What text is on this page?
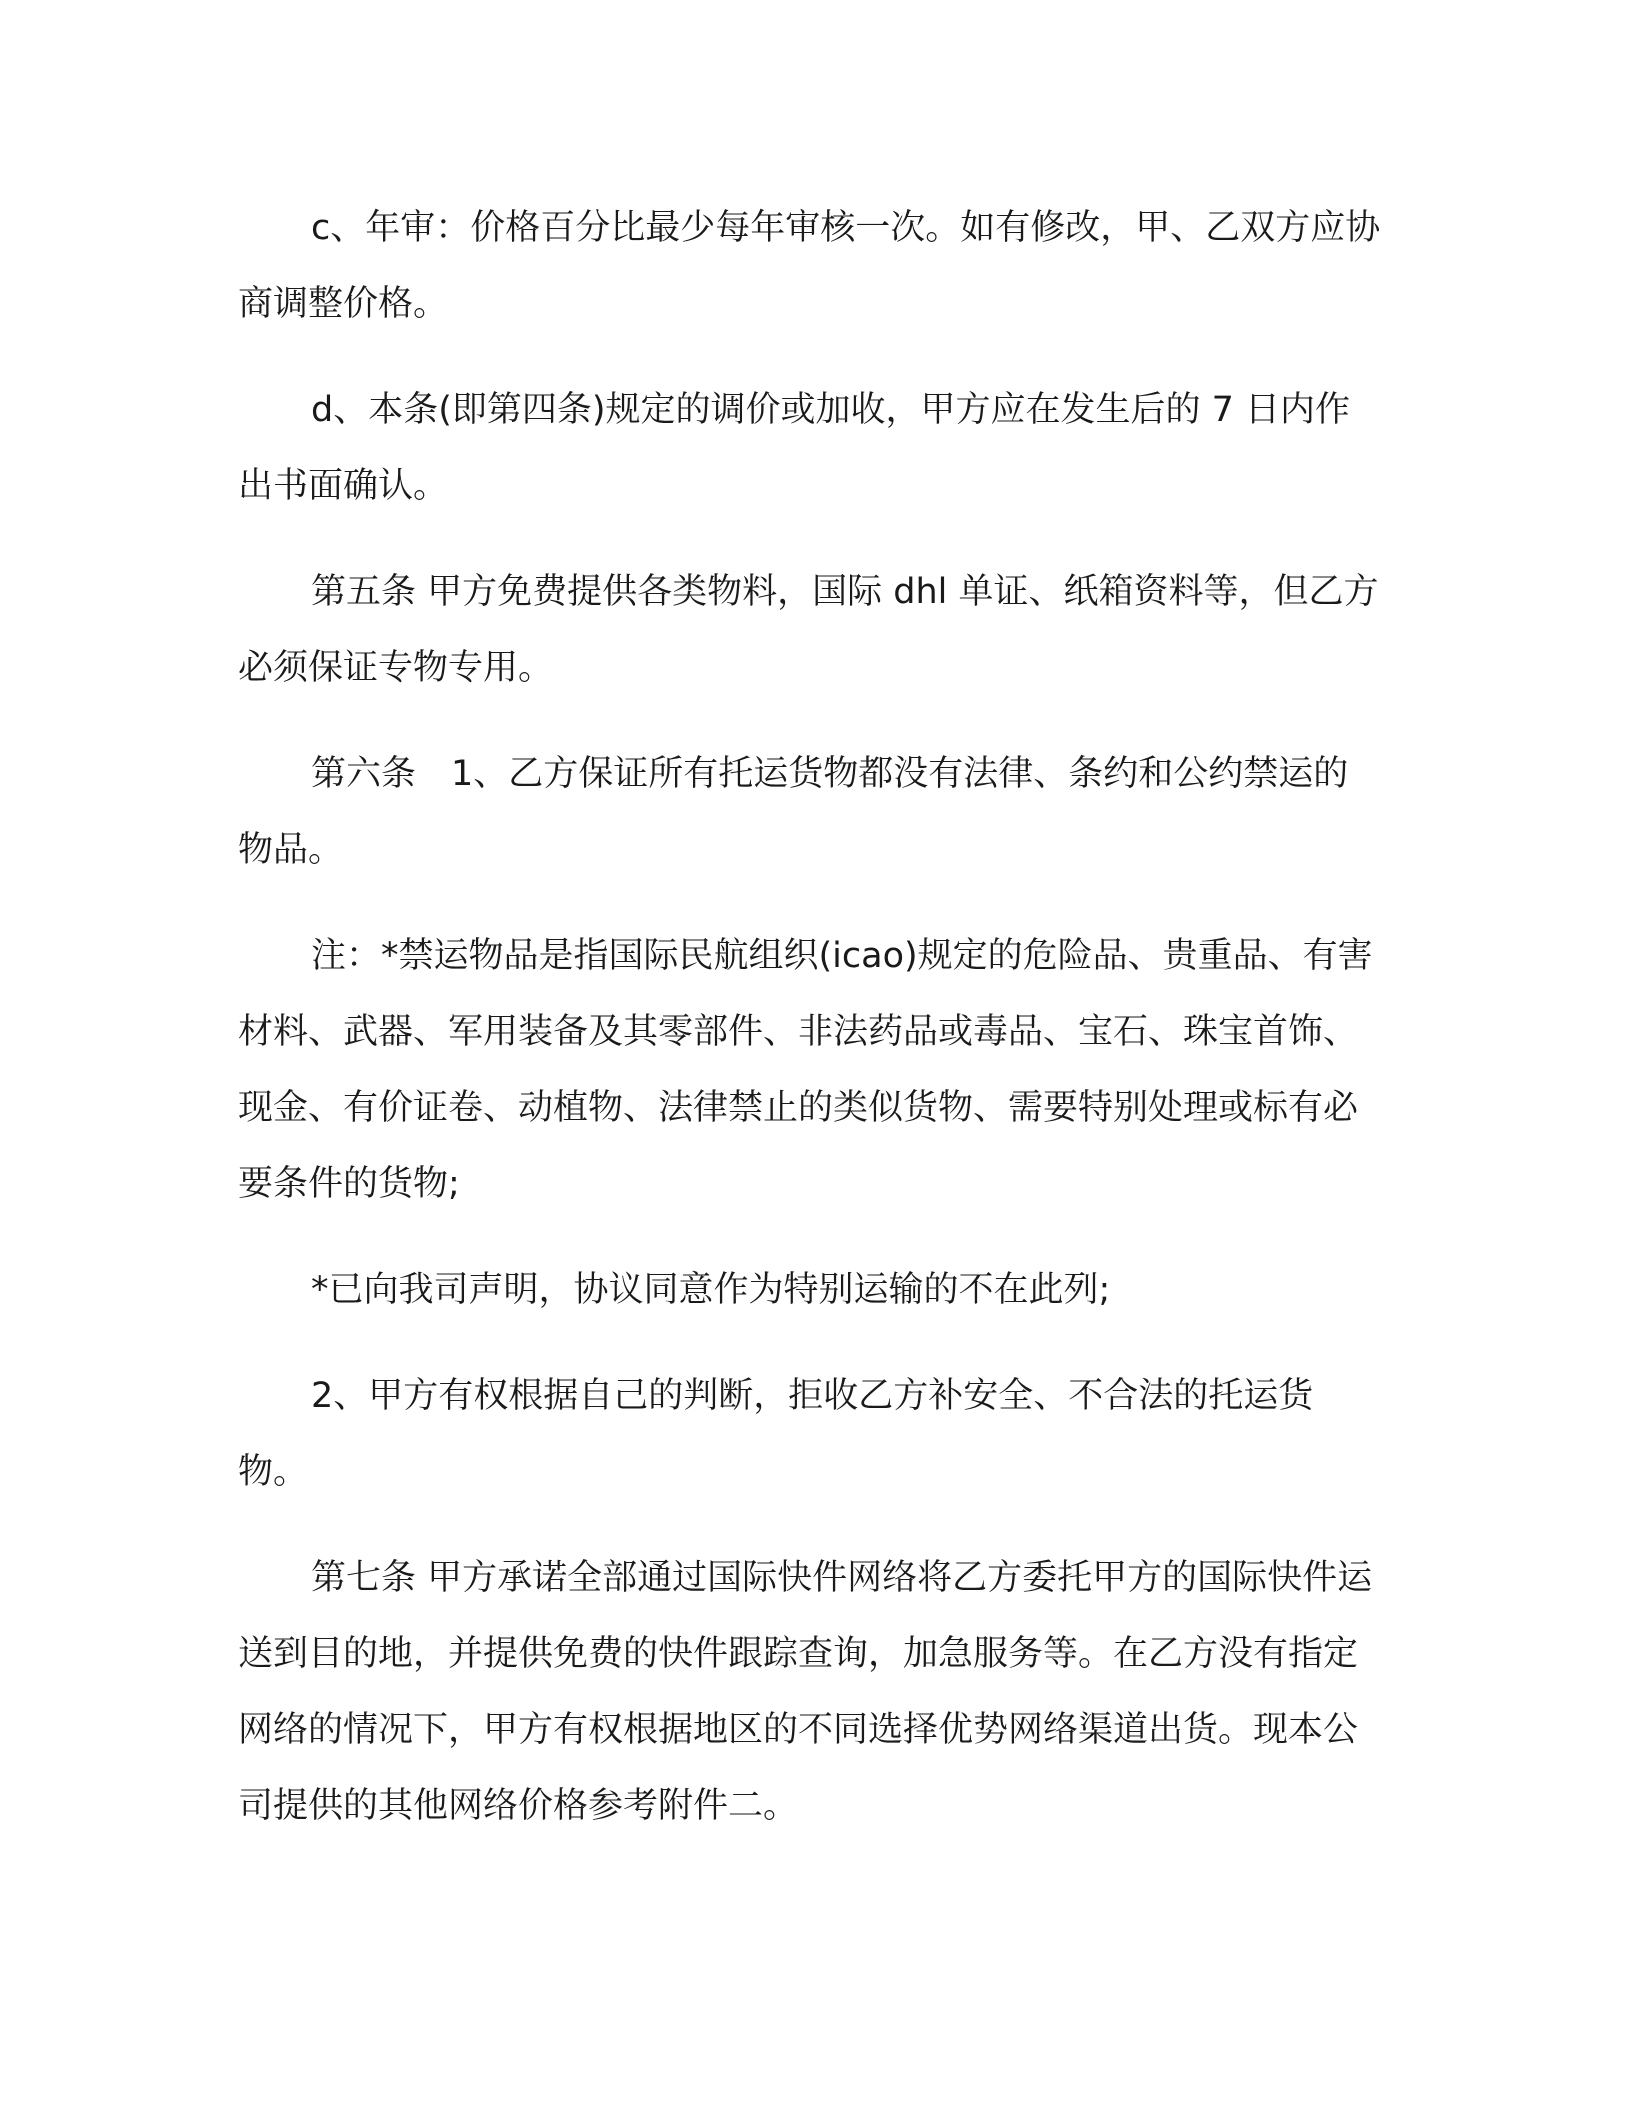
c、年审：价格百分比最少每年审核一次。如有修改，甲、乙双方应协商调整价格。

d、本条(即第四条)规定的调价或加收，甲方应在发生后的 7 日内作出书面确认。

第五条 甲方免费提供各类物料，国际 dhl 单证、纸箱资料等，但乙方必须保证专物专用。

第六条　1、乙方保证所有托运货物都没有法律、条约和公约禁运的物品。

注：*禁运物品是指国际民航组织(icao)规定的危险品、贵重品、有害材料、武器、军用装备及其零部件、非法药品或毒品、宝石、珠宝首饰、现金、有价证卷、动植物、法律禁止的类似货物、需要特别处理或标有必要条件的货物;

*已向我司声明，协议同意作为特别运输的不在此列;

2、甲方有权根据自己的判断，拒收乙方补安全、不合法的托运货物。

第七条 甲方承诺全部通过国际快件网络将乙方委托甲方的国际快件运送到目的地，并提供免费的快件跟踪查询，加急服务等。在乙方没有指定网络的情况下，甲方有权根据地区的不同选择优势网络渠道出货。现本公司提供的其他网络价格参考附件二。
